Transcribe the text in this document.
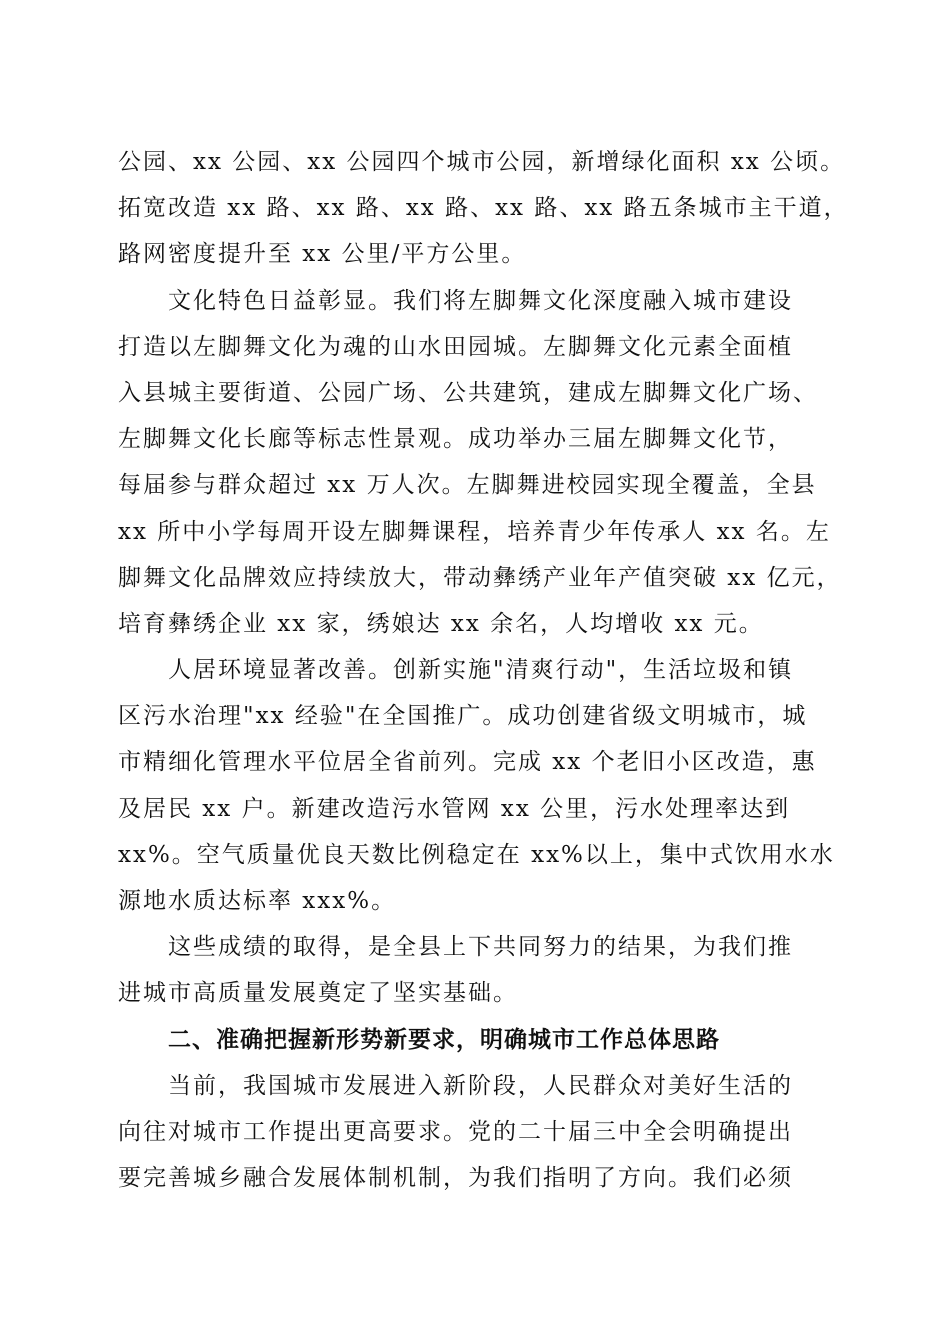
公园、xx 公园、xx 公园四个城市公园，新增绿化面积 xx 公顷。
拓宽改造 xx 路、xx 路、xx 路、xx 路、xx 路五条城市主干道，
路网密度提升至 xx 公里/平方公里。
文化特色日益彰显。我们将左脚舞文化深度融入城市建设
打造以左脚舞文化为魂的山水田园城。左脚舞文化元素全面植
入县城主要街道、公园广场、公共建筑，建成左脚舞文化广场、
左脚舞文化长廊等标志性景观。成功举办三届左脚舞文化节，
每届参与群众超过 xx 万人次。左脚舞进校园实现全覆盖，全县
xx 所中小学每周开设左脚舞课程，培养青少年传承人 xx 名。左
脚舞文化品牌效应持续放大，带动彝绣产业年产值突破 xx 亿元，
培育彝绣企业 xx 家，绣娘达 xx 余名，人均增收 xx 元。
人居环境显著改善。创新实施"清爽行动"，生活垃圾和镇
区污水治理"xx 经验"在全国推广。成功创建省级文明城市，城
市精细化管理水平位居全省前列。完成 xx 个老旧小区改造，惠
及居民 xx 户。新建改造污水管网 xx 公里，污水处理率达到
xx%。空气质量优良天数比例稳定在 xx%以上，集中式饮用水水
源地水质达标率 xxx%。
这些成绩的取得，是全县上下共同努力的结果，为我们推
进城市高质量发展奠定了坚实基础。
二、准确把握新形势新要求，明确城市工作总体思路
当前，我国城市发展进入新阶段，人民群众对美好生活的
向往对城市工作提出更高要求。党的二十届三中全会明确提出
要完善城乡融合发展体制机制，为我们指明了方向。我们必须
